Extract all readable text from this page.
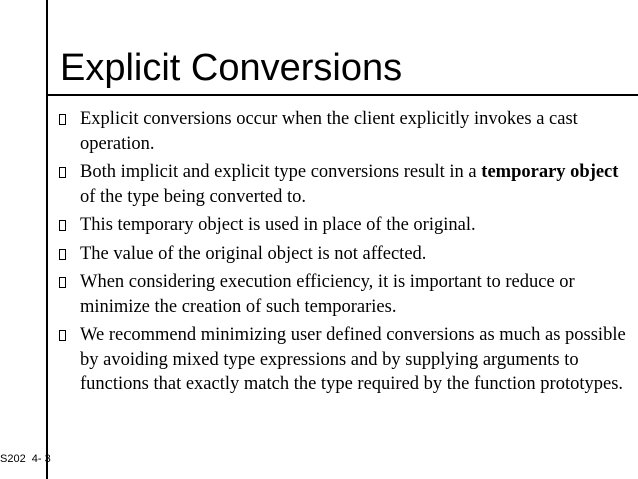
Explicit Conversions
Explicit conversions occur when the client explicitly invokes a cast operation.
Both implicit and explicit type conversions result in a temporary object of the type being converted to.
This temporary object is used in place of the original.
The value of the original object is not affected.
When considering execution efficiency, it is important to reduce or minimize the creation of such temporaries.
We recommend minimizing user defined conversions as much as possible by avoiding mixed type expressions and by supplying arguments to functions that exactly match the type required by the function prototypes.
S202  4- 3
